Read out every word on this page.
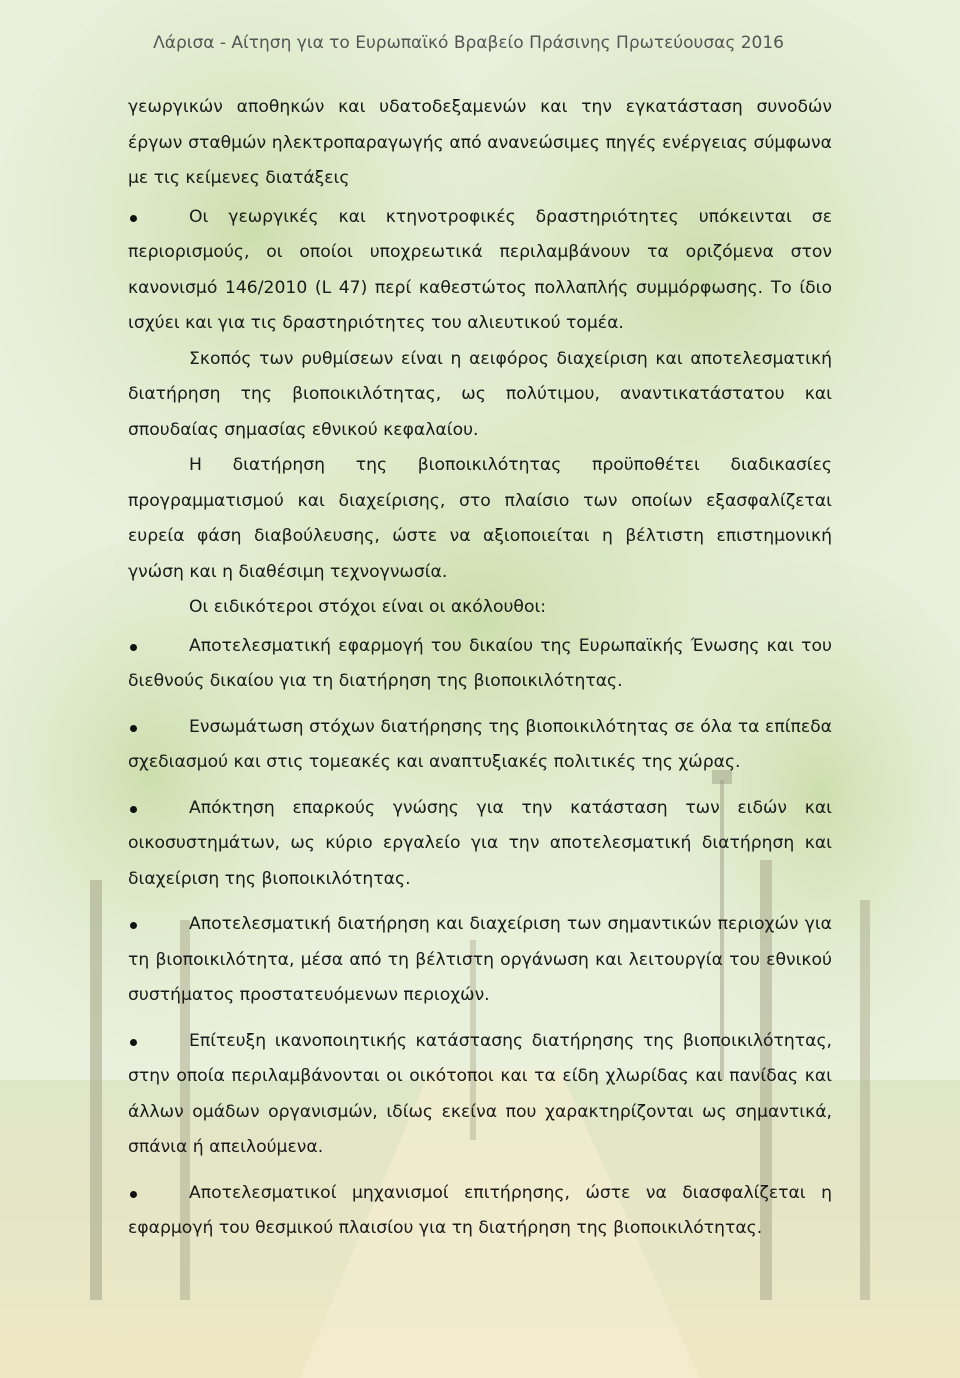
Λάρισα - Αίτηση για το Ευρωπαϊκό Βραβείο Πράσινης Πρωτεύουσας 2016

γεωργικών αποθηκών και υδατοδεξαμενών και την εγκατάσταση συνοδών έργων σταθμών ηλεκτροπαραγωγής από ανανεώσιμες πηγές ενέργειας σύμφωνα με τις κείμενες διατάξεις

Οι γεωργικές και κτηνοτροφικές δραστηριότητες υπόκεινται σε περιορισμούς, οι οποίοι υποχρεωτικά περιλαμβάνουν τα οριζόμενα στον κανονισμό 146/2010 (L 47) περί καθεστώτος πολλαπλής συμμόρφωσης. Το ίδιο ισχύει και για τις δραστηριότητες του αλιευτικού τομέα.

Σκοπός των ρυθμίσεων είναι η αειφόρος διαχείριση και αποτελεσματική διατήρηση της βιοποικιλότητας, ως πολύτιμου, αναντικατάστατου και σπουδαίας σημασίας εθνικού κεφαλαίου.

Η διατήρηση της βιοποικιλότητας προϋποθέτει διαδικασίες προγραμματισμού και διαχείρισης, στο πλαίσιο των οποίων εξασφαλίζεται ευρεία φάση διαβούλευσης, ώστε να αξιοποιείται η βέλτιστη επιστημονική γνώση και η διαθέσιμη τεχνογνωσία.

Οι ειδικότεροι στόχοι είναι οι ακόλουθοι:

Αποτελεσματική εφαρμογή του δικαίου της Ευρωπαϊκής Ένωσης και του διεθνούς δικαίου για τη διατήρηση της βιοποικιλότητας.
Ενσωμάτωση στόχων διατήρησης της βιοποικιλότητας σε όλα τα επίπεδα σχεδιασμού και στις τομεακές και αναπτυξιακές πολιτικές της χώρας.
Απόκτηση επαρκούς γνώσης για την κατάσταση των ειδών και οικοσυστημάτων, ως κύριο εργαλείο για την αποτελεσματική διατήρηση και διαχείριση της βιοποικιλότητας.
Αποτελεσματική διατήρηση και διαχείριση των σημαντικών περιοχών για τη βιοποικιλότητα, μέσα από τη βέλτιστη οργάνωση και λειτουργία του εθνικού συστήματος προστατευόμενων περιοχών.
Επίτευξη ικανοποιητικής κατάστασης διατήρησης της βιοποικιλότητας, στην οποία περιλαμβάνονται οι οικότοποι και τα είδη χλωρίδας και πανίδας και άλλων ομάδων οργανισμών, ιδίως εκείνα που χαρακτηρίζονται ως σημαντικά, σπάνια ή απειλούμενα.
Αποτελεσματικοί μηχανισμοί επιτήρησης, ώστε να διασφαλίζεται η εφαρμογή του θεσμικού πλαισίου για τη διατήρηση της βιοποικιλότητας.
